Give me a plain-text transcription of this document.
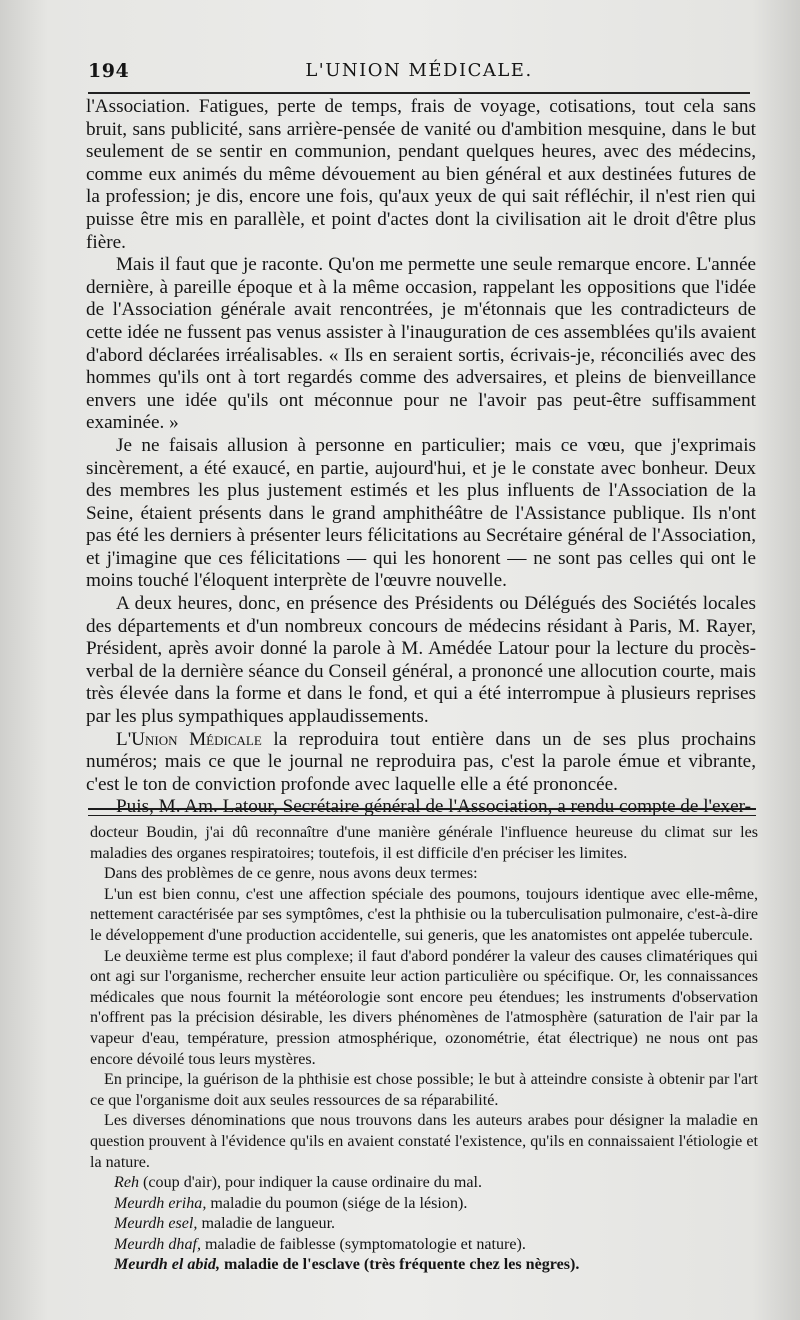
194	L'UNION MÉDICALE.

l'Association. Fatigues, perte de temps, frais de voyage, cotisations, tout cela sans bruit, sans publicité, sans arrière-pensée de vanité ou d'ambition mesquine, dans le but seulement de se sentir en communion, pendant quelques heures, avec des médecins, comme eux animés du même dévouement au bien général et aux destinées futures de la profession; je dis, encore une fois, qu'aux yeux de qui sait réfléchir, il n'est rien qui puisse être mis en parallèle, et point d'actes dont la civilisation ait le droit d'être plus fière.

Mais il faut que je raconte. Qu'on me permette une seule remarque encore. L'année dernière, à pareille époque et à la même occasion, rappelant les oppositions que l'idée de l'Association générale avait rencontrées, je m'étonnais que les contradicteurs de cette idée ne fussent pas venus assister à l'inauguration de ces assemblées qu'ils avaient d'abord déclarées irréalisables. « Ils en seraient sortis, écrivais-je, réconciliés avec des hommes qu'ils ont à tort regardés comme des adversaires, et pleins de bienveillance envers une idée qu'ils ont méconnue pour ne l'avoir pas peut-être suffisamment examinée. »

Je ne faisais allusion à personne en particulier; mais ce vœu, que j'exprimais sincèrement, a été exaucé, en partie, aujourd'hui, et je le constate avec bonheur. Deux des membres les plus justement estimés et les plus influents de l'Association de la Seine, étaient présents dans le grand amphithéâtre de l'Assistance publique. Ils n'ont pas été les derniers à présenter leurs félicitations au Secrétaire général de l'Association, et j'imagine que ces félicitations — qui les honorent — ne sont pas celles qui ont le moins touché l'éloquent interprète de l'œuvre nouvelle.

A deux heures, donc, en présence des Présidents ou Délégués des Sociétés locales des départements et d'un nombreux concours de médecins résidant à Paris, M. Rayer, Président, après avoir donné la parole à M. Amédée Latour pour la lecture du procès-verbal de la dernière séance du Conseil général, a prononcé une allocution courte, mais très élevée dans la forme et dans le fond, et qui a été interrompue à plusieurs reprises par les plus sympathiques applaudissements.

L'Union Médicale la reproduira tout entière dans un de ses plus prochains numéros; mais ce que le journal ne reproduira pas, c'est la parole émue et vibrante, c'est le ton de conviction profonde avec laquelle elle a été prononcée.

Puis, M. Am. Latour, Secrétaire général de l'Association, a rendu compte de l'exer-

docteur Boudin, j'ai dû reconnaître d'une manière générale l'influence heureuse du climat sur les maladies des organes respiratoires; toutefois, il est difficile d'en préciser les limites.

Dans des problèmes de ce genre, nous avons deux termes:

L'un est bien connu, c'est une affection spéciale des poumons, toujours identique avec elle-même, nettement caractérisée par ses symptômes, c'est la phthisie ou la tuberculisation pulmonaire, c'est-à-dire le développement d'une production accidentelle, sui generis, que les anatomistes ont appelée tubercule.

Le deuxième terme est plus complexe; il faut d'abord pondérer la valeur des causes climatériques qui ont agi sur l'organisme, rechercher ensuite leur action particulière ou spécifique. Or, les connaissances médicales que nous fournit la météorologie sont encore peu étendues; les instruments d'observation n'offrent pas la précision désirable, les divers phénomènes de l'atmosphère (saturation de l'air par la vapeur d'eau, température, pression atmosphérique, ozonométrie, état électrique) ne nous ont pas encore dévoilé tous leurs mystères.

En principe, la guérison de la phthisie est chose possible; le but à atteindre consiste à obtenir par l'art ce que l'organisme doit aux seules ressources de sa réparabilité.

Les diverses dénominations que nous trouvons dans les auteurs arabes pour désigner la maladie en question prouvent à l'évidence qu'ils en avaient constaté l'existence, qu'ils en connaissaient l'étiologie et la nature.

Reh (coup d'air), pour indiquer la cause ordinaire du mal.

Meurdh eriha, maladie du poumon (siége de la lésion).

Meurdh esel, maladie de langueur.

Meurdh dhaf, maladie de faiblesse (symptomatologie et nature).

Meurdh el abid, maladie de l'esclave (très fréquente chez les nègres).
